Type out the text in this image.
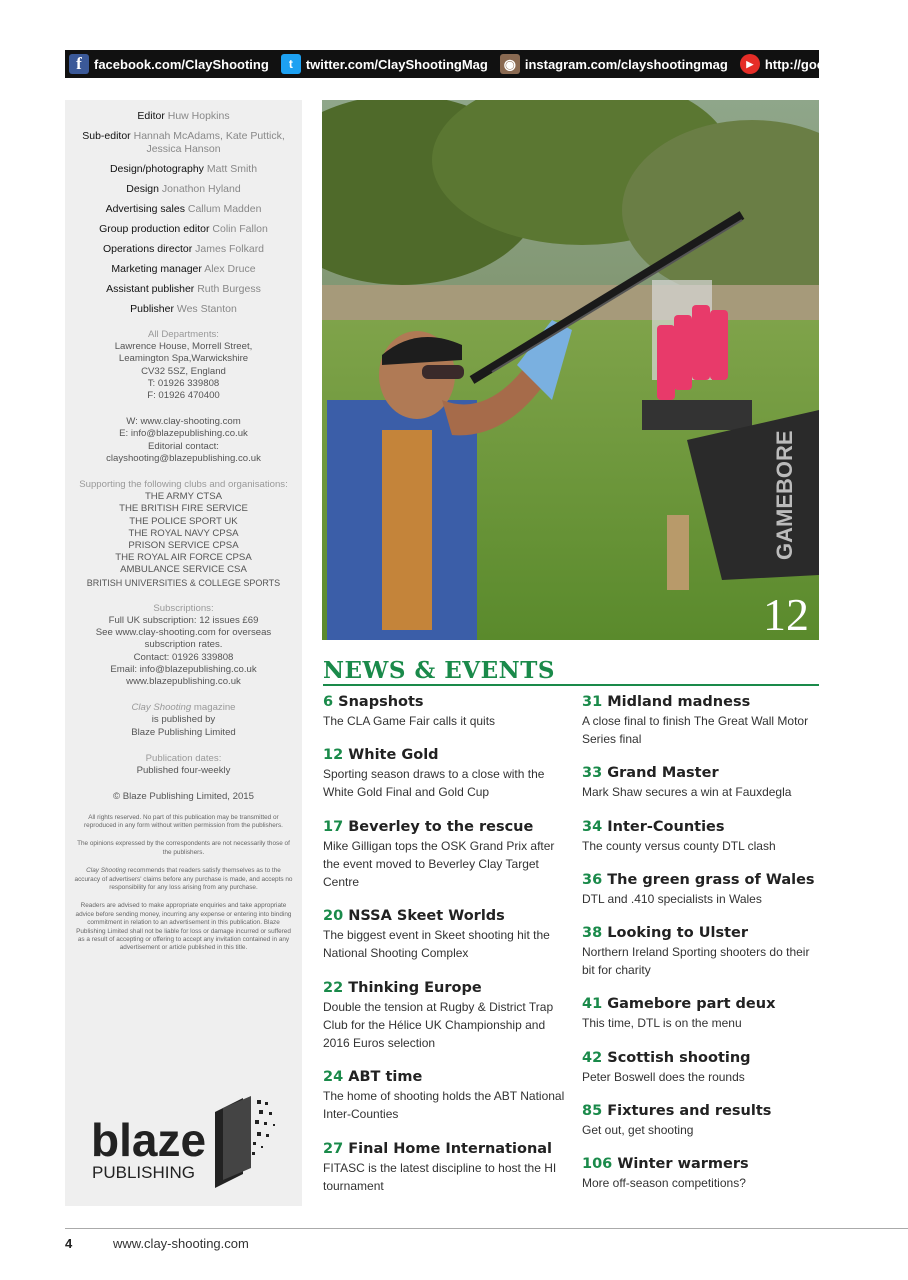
f facebook.com/ClayShooting	t	twitter.com/ClayShootingMag ◉ instagram.com/clayshootingmag	▶ http://goo.gl/vxKYKJ
Editor Huw Hopkins
Sub-editor Hannah McAdams, Kate Puttick, Jessica Hanson
Design/photography Matt Smith
Design Jonathon Hyland
Advertising sales Callum Madden
Group production editor Colin Fallon
Operations director James Folkard
Marketing manager Alex Druce
Assistant publisher Ruth Burgess
Publisher Wes Stanton
All Departments:
Lawrence House, Morrell Street,
Leamington Spa,Warwickshire
CV32 5SZ, England
T: 01926 339808
F: 01926 470400
W: www.clay-shooting.com
E: info@blazepublishing.co.uk
Editorial contact:
clayshooting@blazepublishing.co.uk
Supporting the following clubs and organisations:
THE ARMY CTSA
THE BRITISH FIRE SERVICE
THE POLICE SPORT UK
THE ROYAL NAVY CPSA
PRISON SERVICE CPSA
THE ROYAL AIR FORCE CPSA
AMBULANCE SERVICE CSA
BRITISH UNIVERSITIES & COLLEGE SPORTS
Subscriptions:
Full UK subscription: 12 issues £69
See www.clay-shooting.com for overseas subscription rates.
Contact: 01926 339808
Email: info@blazepublishing.co.uk
www.blazepublishing.co.uk
Clay Shooting magazine
is published by
Blaze Publishing Limited
Publication dates:
Published four-weekly
© Blaze Publishing Limited, 2015
All rights reserved. No part of this publication may be transmitted or reproduced in any form without written permission from the publishers.
The opinions expressed by the correspondents are not necessarily those of the publishers.
Clay Shooting recommends that readers satisfy themselves as to the accuracy of advertisers' claims before any purchase is made, and accepts no responsibility for any loss arising from any purchase.
Readers are advised to make appropriate enquiries and take appropriate advice before sending money, incurring any expense or entering into binding commitment in relation to an advertisement in this publication. Blaze Publishing Limited shall not be liable for loss or damage incurred or suffered as a result of accepting or offering to accept any invitation contained in any advertisement or article published in this title.
blaze
PUBLISHING
GAMEBORE
12
NEWS & EVENTS
6 Snapshots
The CLA Game Fair calls it quits
12 White Gold
Sporting season draws to a close with the White Gold Final and Gold Cup
17 Beverley to the rescue
Mike Gilligan tops the OSK Grand Prix after the event moved to Beverley Clay Target Centre
20 NSSA Skeet Worlds
The biggest event in Skeet shooting hit the National Shooting Complex
22 Thinking Europe
Double the tension at Rugby & District Trap Club for the Hélice UK Championship and 2016 Euros selection
24 ABT time
The home of shooting holds the ABT National Inter-Counties
27 Final Home International
FITASC is the latest discipline to host the HI tournament
31 Midland madness
A close final to finish The Great Wall Motor Series final
33 Grand Master
Mark Shaw secures a win at Fauxdegla
34 Inter-Counties
The county versus county DTL clash
36 The green grass of Wales
DTL and .410 specialists in Wales
38 Looking to Ulster
Northern Ireland Sporting shooters do their bit for charity
41 Gamebore part deux
This time, DTL is on the menu
42 Scottish shooting
Peter Boswell does the rounds
85 Fixtures and results
Get out, get shooting
106 Winter warmers
More off-season competitions?
4	www.clay-shooting.com
